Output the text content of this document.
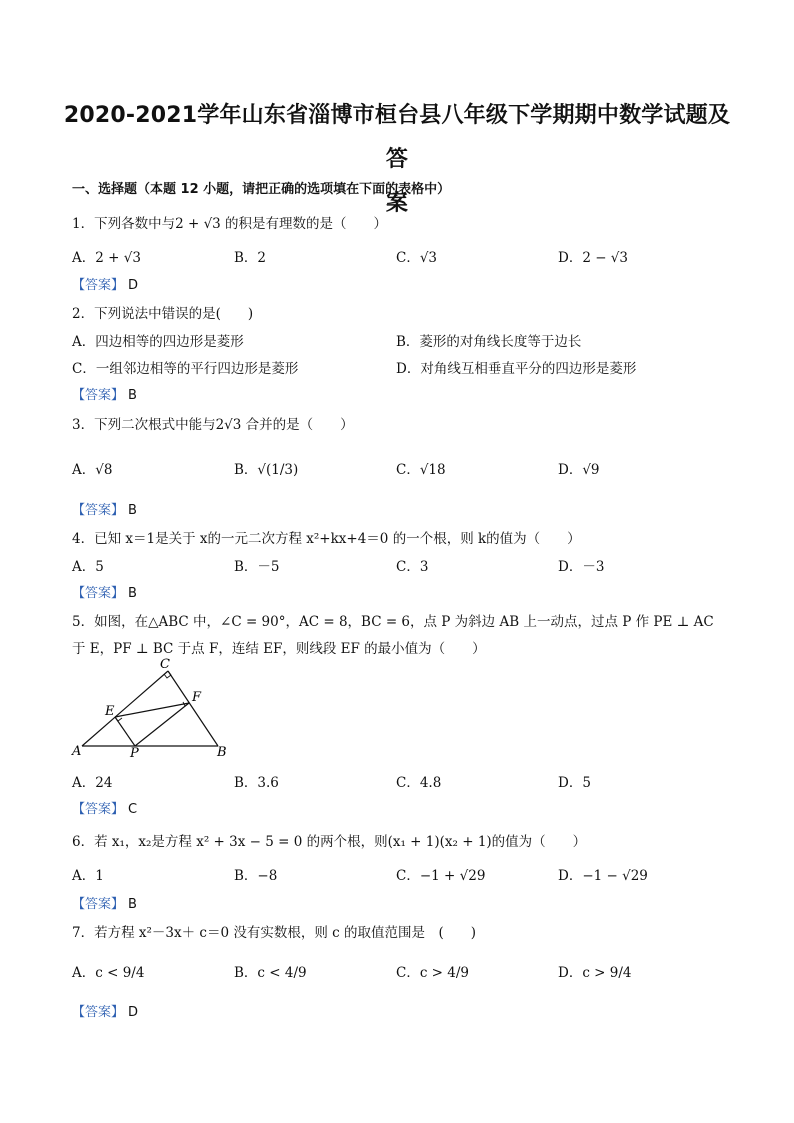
2020-2021学年山东省淄博市桓台县八年级下学期期中数学试题及答
案
一、选择题（本题 12 小题，请把正确的选项填在下面的表格中）
1．下列各数中与2 + √3 的积是有理数的是（　　）
A．2 + √3	B．2	C．√3	D．2 − √3
【答案】 D
2．下列说法中错误的是(　　)
A．四边相等的四边形是菱形	B．菱形的对角线长度等于边长
C．一组邻边相等的平行四边形是菱形	D．对角线互相垂直平分的四边形是菱形
【答案】 B
3．下列二次根式中能与2√3 合并的是（　　）
A．√8	B．√(1/3)	C．√18	D．√9
【答案】 B
4．已知 x＝1是关于 x的一元二次方程 x²+kx+4＝0 的一个根，则 k的值为（　　）
A．5	B．－5	C．3	D．－3
【答案】 B
5．如图，在△ABC 中，∠C = 90°，AC = 8，BC = 6，点 P 为斜边 AB 上一动点，过点 P 作 PE ⊥ AC
于 E，PF ⊥ BC 于点 F，连结 EF，则线段 EF 的最小值为（　　）
C
F
E
A	P	B
A．24	B．3.6	C．4.8	D．5
【答案】 C
6．若 x₁，x₂是方程 x² + 3x − 5 = 0 的两个根，则(x₁ + 1)(x₂ + 1)的值为（　　）
A．1	B．−8	C．−1 + √29	D．−1 − √29
【答案】 B
7．若方程 x²－3x＋ c＝0 没有实数根，则 c 的取值范围是　(　　)
A．c < 9/4	B．c < 4/9	C．c > 4/9	D．c > 9/4
【答案】 D
